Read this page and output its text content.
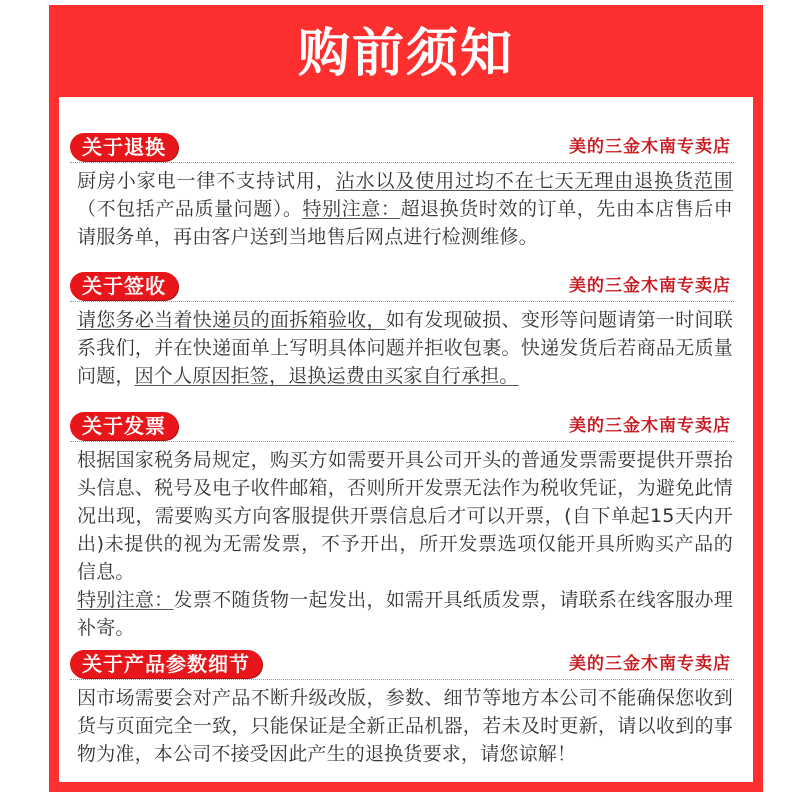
购前须知
关于退换	美的三金木南专卖店
厨房小家电一律不支持试用，沾水以及使用过均不在七天无理由退换货范围（不包括产品质量问题）。特别注意：超退换货时效的订单，先由本店售后申请服务单，再由客户送到当地售后网点进行检测维修。
关于签收	美的三金木南专卖店
请您务必当着快递员的面拆箱验收，如有发现破损、变形等问题请第一时间联系我们，并在快递面单上写明具体问题并拒收包裹。快递发货后若商品无质量问题，因个人原因拒签，退换运费由买家自行承担。
关于发票	美的三金木南专卖店
根据国家税务局规定，购买方如需要开具公司开头的普通发票需要提供开票抬头信息、税号及电子收件邮箱，否则所开发票无法作为税收凭证，为避免此情况出现，需要购买方向客服提供开票信息后才可以开票，(自下单起15天内开出)未提供的视为无需发票，不予开出，所开发票选项仅能开具所购买产品的信息。
特别注意：发票不随货物一起发出，如需开具纸质发票，请联系在线客服办理补寄。
关于产品参数细节	美的三金木南专卖店
因市场需要会对产品不断升级改版，参数、细节等地方本公司不能确保您收到货与页面完全一致，只能保证是全新正品机器，若未及时更新，请以收到的事物为准，本公司不接受因此产生的退换货要求，请您谅解！
